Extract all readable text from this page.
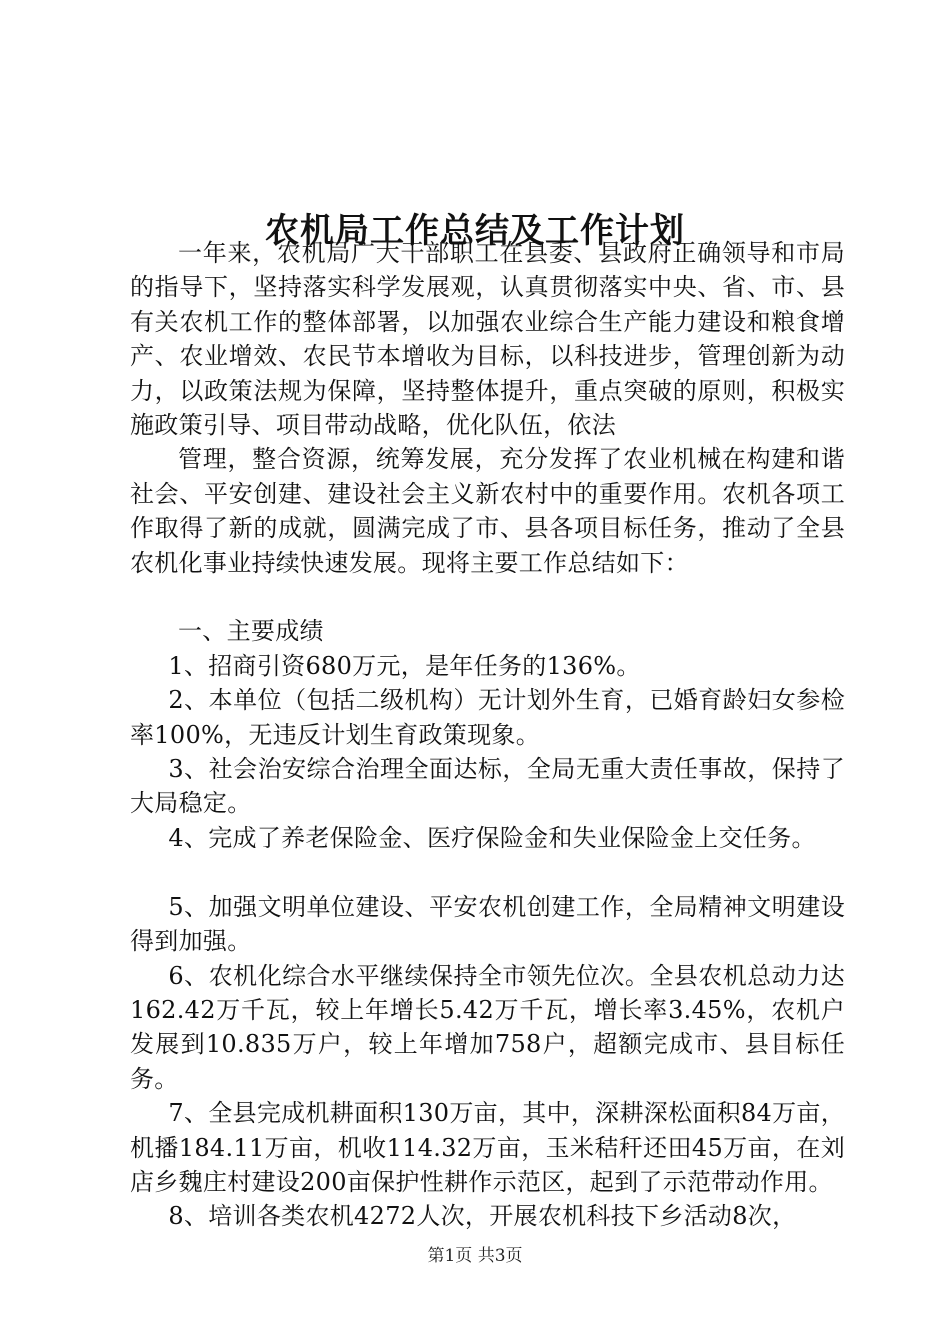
农机局工作总结及工作计划

一年来，农机局广大干部职工在县委、县政府正确领导和市局的指导下，坚持落实科学发展观，认真贯彻落实中央、省、市、县有关农机工作的整体部署，以加强农业综合生产能力建设和粮食增产、农业增效、农民节本增收为目标，以科技进步，管理创新为动力，以政策法规为保障，坚持整体提升，重点突破的原则，积极实施政策引导、项目带动战略，优化队伍，依法

管理，整合资源，统筹发展，充分发挥了农业机械在构建和谐社会、平安创建、建设社会主义新农村中的重要作用。农机各项工作取得了新的成就，圆满完成了市、县各项目标任务，推动了全县农机化事业持续快速发展。现将主要工作总结如下：

一、主要成绩

1、招商引资680万元，是年任务的136%。

2、本单位（包括二级机构）无计划外生育，已婚育龄妇女参检率100%，无违反计划生育政策现象。

3、社会治安综合治理全面达标，全局无重大责任事故，保持了大局稳定。

4、完成了养老保险金、医疗保险金和失业保险金上交任务。

5、加强文明单位建设、平安农机创建工作，全局精神文明建设得到加强。

6、农机化综合水平继续保持全市领先位次。全县农机总动力达162.42万千瓦，较上年增长5.42万千瓦，增长率3.45%，农机户发展到10.835万户，较上年增加758户，超额完成市、县目标任务。

7、全县完成机耕面积130万亩，其中，深耕深松面积84万亩，机播184.11万亩，机收114.32万亩，玉米秸秆还田45万亩，在刘店乡魏庄村建设200亩保护性耕作示范区，起到了示范带动作用。

8、培训各类农机4272人次，开展农机科技下乡活动8次，

第1页 共3页
